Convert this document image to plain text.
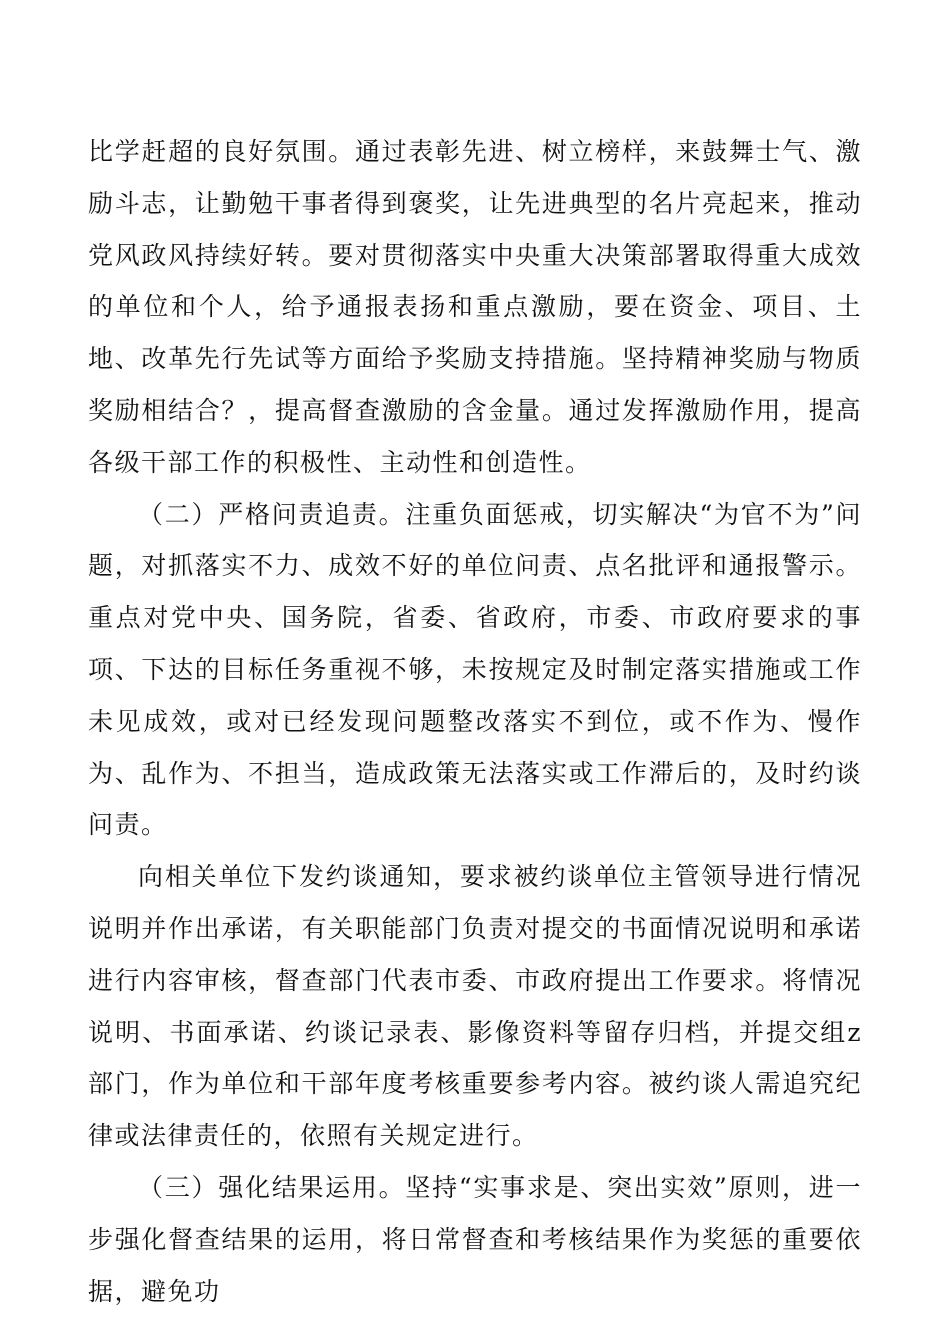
比学赶超的良好氛围。通过表彰先进、树立榜样，来鼓舞士气、激励斗志，让勤勉干事者得到褒奖，让先进典型的名片亮起来，推动党风政风持续好转。要对贯彻落实中央重大决策部署取得重大成效的单位和个人，给予通报表扬和重点激励，要在资金、项目、土地、改革先行先试等方面给予奖励支持措施。坚持精神奖励与物质奖励相结合？，提高督查激励的含金量。通过发挥激励作用，提高各级干部工作的积极性、主动性和创造性。

（二）严格问责追责。注重负面惩戒，切实解决“为官不为”问题，对抓落实不力、成效不好的单位问责、点名批评和通报警示。重点对党中央、国务院，省委、省政府，市委、市政府要求的事项、下达的目标任务重视不够，未按规定及时制定落实措施或工作未见成效，或对已经发现问题整改落实不到位，或不作为、慢作为、乱作为、不担当，造成政策无法落实或工作滞后的，及时约谈问责。

向相关单位下发约谈通知，要求被约谈单位主管领导进行情况说明并作出承诺，有关职能部门负责对提交的书面情况说明和承诺进行内容审核，督查部门代表市委、市政府提出工作要求。将情况说明、书面承诺、约谈记录表、影像资料等留存归档，并提交组z部门，作为单位和干部年度考核重要参考内容。被约谈人需追究纪律或法律责任的，依照有关规定进行。

（三）强化结果运用。坚持“实事求是、突出实效”原则，进一步强化督查结果的运用，将日常督查和考核结果作为奖惩的重要依据，避免功
